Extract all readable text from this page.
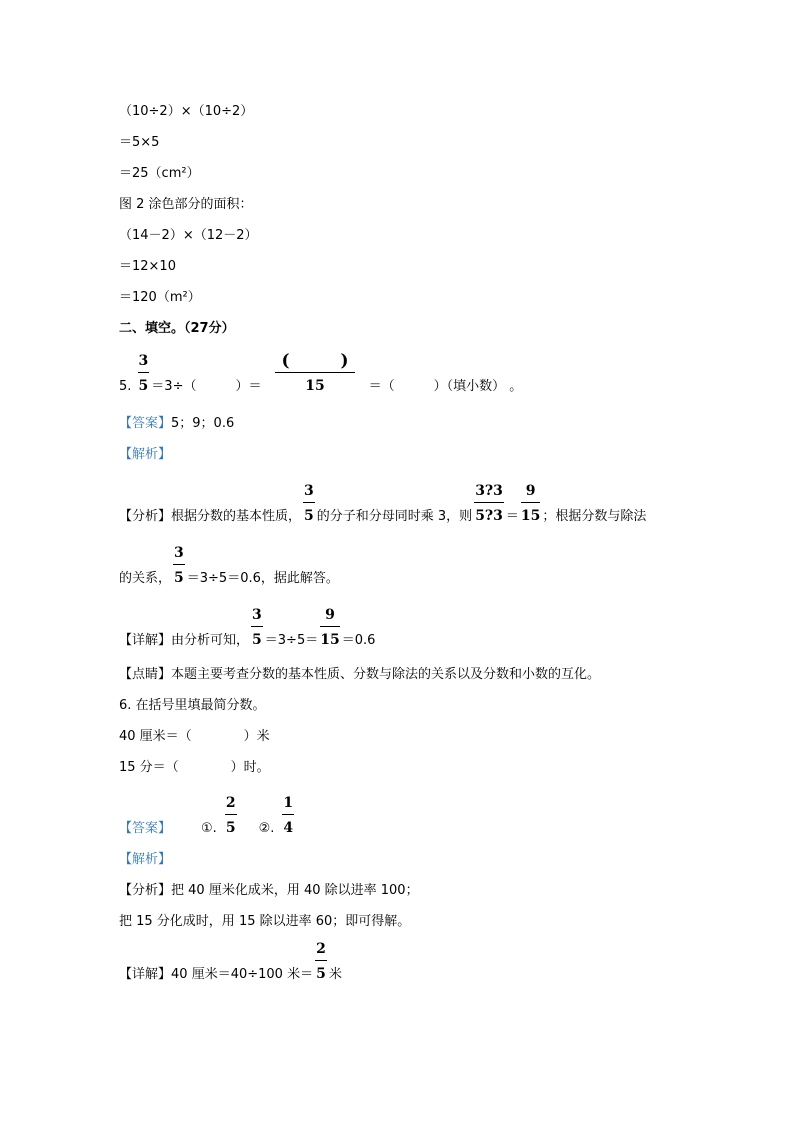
（10÷2）×（10÷2）
＝5×5
＝25（cm²）
图 2 涂色部分的面积：
（14－2）×（12－2）
＝12×10
＝120（m²）
二、填空。（27分）
5. $\frac{3}{5} =3\div$（　　　）＝ $\frac{( )}{15}$ ＝（　　　）（填小数） 。
【答案】5；9；0.6
【解析】
【分析】根据分数的基本性质， $\frac{3}{5}$ 的分子和分母同时乘 3，则 $\frac{3?3}{5?3} = \frac{9}{15}$ ；根据分数与除法
的关系， $\frac{3}{5} =3\div 5=0.6$，据此解答。
【详解】由分析可知， $\frac{3}{5} =3\div 5= \frac{9}{15} =0.6$
【点睛】本题主要考查分数的基本性质、分数与除法的关系以及分数和小数的互化。
6. 在括号里填最简分数。
40 厘米＝（　　　　）米
15 分＝（　　　　）时。
【答案】 ①. $\frac{2}{5}$ ②. $\frac{1}{4}$
【解析】
【分析】把 40 厘米化成米，用 40 除以进率 100；
把 15 分化成时，用 15 除以进率 60；即可得解。
【详解】40 厘米＝40÷100 米＝ $\frac{2}{5}$ 米
